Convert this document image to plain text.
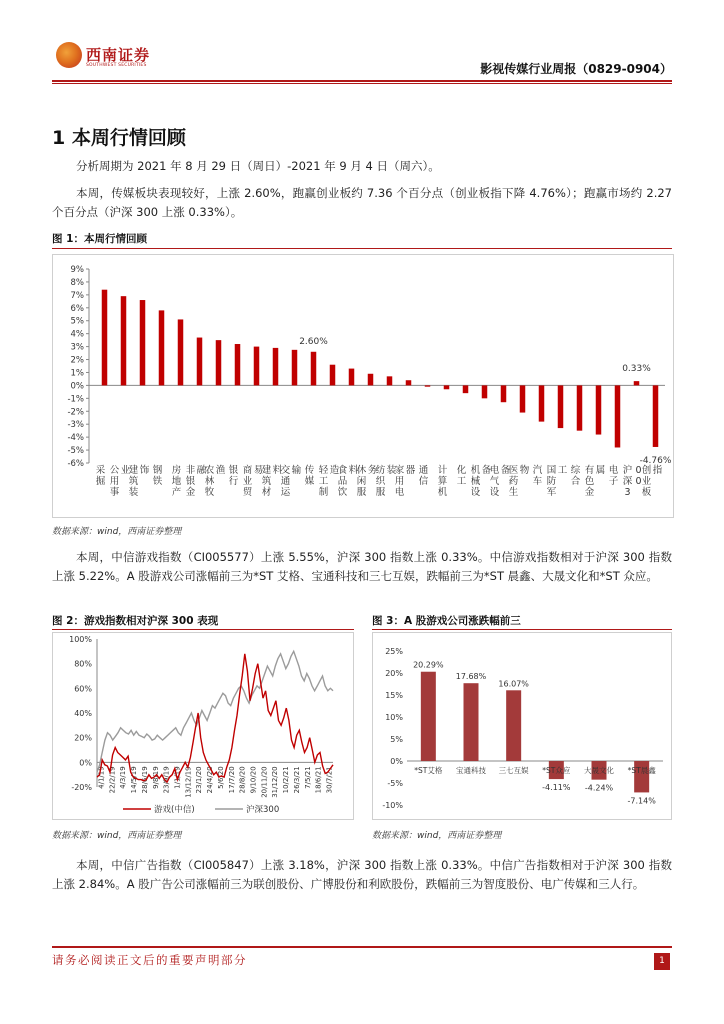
西南证券
SOUTHWEST SECURITIES	影视传媒行业周报（0829-0904）
1 本周行情回顾
分析周期为 2021 年 8 月 29 日（周日）-2021 年 9 月 4 日（周六）。
本周，传媒板块表现较好，上涨 2.60%，跑赢创业板约 7.36 个百分点（创业板指下降 4.76%）；跑赢市场约 2.27 个百分点（沪深 300 上涨 0.33%）。
图 1：本周行情回顾
9%
8%
7%
6%
5%
4%
3%
2%
1%
0%
-1%
-2%
-3%
-4%
-5%
-6%
采
掘
公
用
事
业
建
筑
装
饰 钢
铁
房
地
产
非
银
金
融
农
林
牧
渔 银
行
商
业
贸
易
建
筑
材
料
交
通
运
输 传
媒
轻
工
制
造
食
品
饮
料
休
闲
服
务
纺
织
服
装
家
用
电
器 通
信
计
算
机
化
工
机
械
设
备
电
气
设
备
医
药
生
物 汽
车
国
防
军
工 综
合
有
色
金
属 电
子
沪
深
3
0
0
创
业
板
指
2.60%
0.33%
-4.76%
数据来源：wind，西南证券整理
本周，中信游戏指数（CI005577）上涨 5.55%，沪深 300 指数上涨 0.33%。中信游戏指数相对于沪深 300 指数上涨 5.22%。A 股游戏公司涨幅前三为*ST 艾格、宝通科技和三七互娱，跌幅前三为*ST 晨鑫、大晟文化和*ST 众应。
图 2：游戏指数相对沪深 300 表现
100%
80%
60%
40%
20%
0%
-20% 4/1/19 22/2/19 4/3/19 14/5/19 28/6/19 9/8/19 23/9/19 1/1/19 13/12/19 23/1/20 24/4/20 5/6/20 17/7/20 28/8/20 9/10/20 20/11/20 31/12/20 10/2/21 26/3/21 7/5/21 18/6/21 30/7/21
游戏(中信)	沪深300
数据来源：wind，西南证券整理
图 3：A 股游戏公司涨跌幅前三
25%
20%
15%
10%
5%
0%
-5%
-10%
20.29%
*ST艾格
17.68%
宝通科技
16.07%
三七互娱
-4.11%
*ST众应
-4.24%
大晟文化
-7.14%
*ST晨鑫
数据来源：wind，西南证券整理
本周，中信广告指数（CI005847）上涨 3.18%，沪深 300 指数上涨 0.33%。中信广告指数相对于沪深 300 指数上涨 2.84%。A 股广告公司涨幅前三为联创股份、广博股份和利欧股份，跌幅前三为智度股份、电广传媒和三人行。
请务必阅读正文后的重要声明部分	1
